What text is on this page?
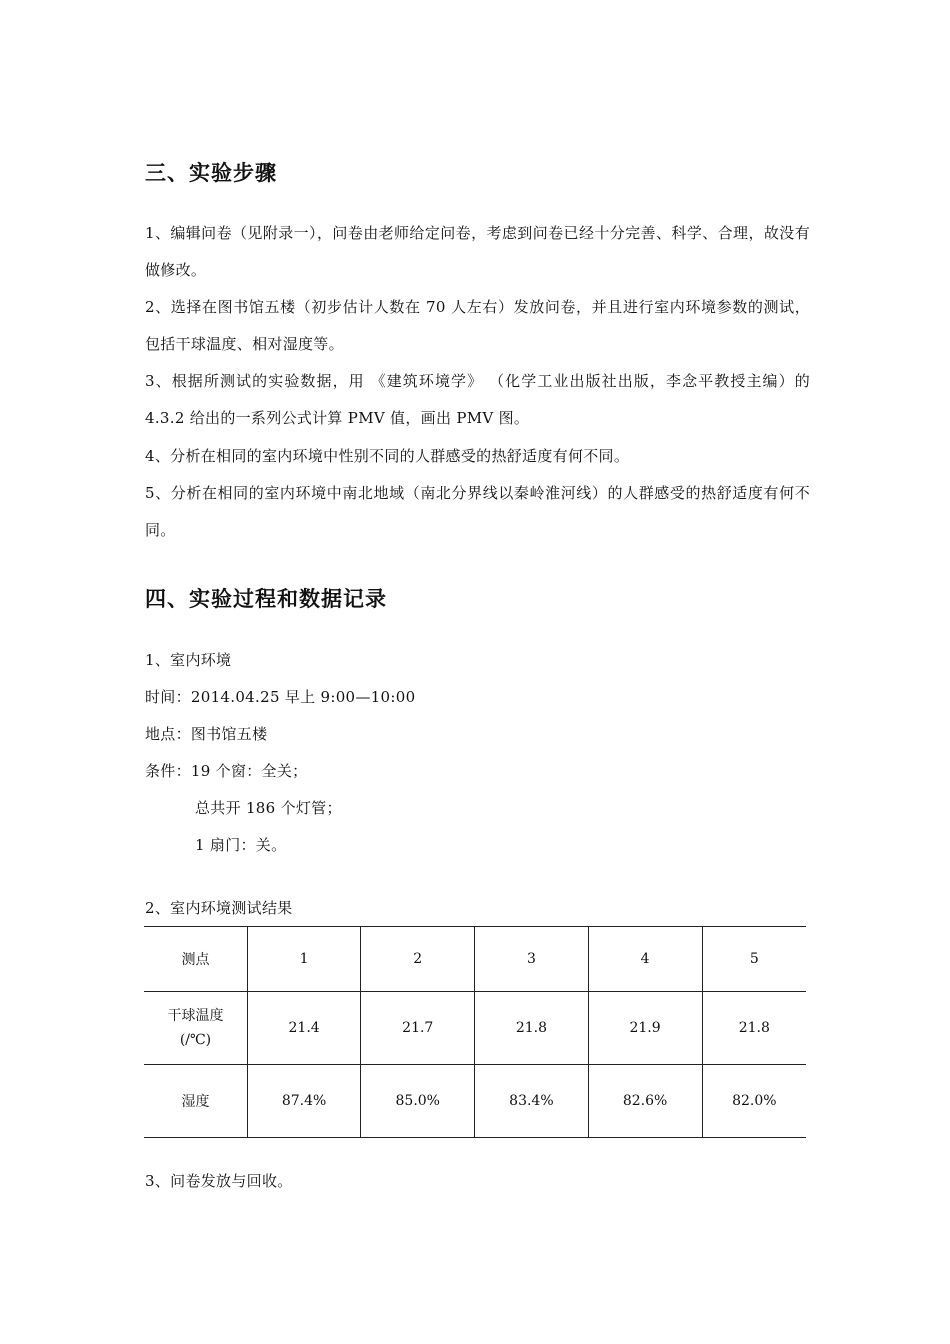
三、实验步骤
1、编辑问卷（见附录一），问卷由老师给定问卷，考虑到问卷已经十分完善、科学、合理，故没有做修改。
2、选择在图书馆五楼（初步估计人数在 70 人左右）发放问卷，并且进行室内环境参数的测试，包括干球温度、相对湿度等。
3、根据所测试的实验数据，用 《建筑环境学》 （化学工业出版社出版，李念平教授主编）的 4.3.2 给出的一系列公式计算 PMV 值，画出 PMV 图。
4、分析在相同的室内环境中性别不同的人群感受的热舒适度有何不同。
5、分析在相同的室内环境中南北地域（南北分界线以秦岭淮河线）的人群感受的热舒适度有何不同。
四、实验过程和数据记录
1、室内环境
时间：2014.04.25 早上 9:00—10:00
地点：图书馆五楼
条件：19 个窗：全关；
总共开 186 个灯管；
1 扇门：关。
2、室内环境测试结果
测点	1	2	3	4	5

干球温度
(/℃)	21.4	21.7	21.8	21.9	21.8
湿度	87.4%	85.0%	83.4%	82.6%	82.0%
3、问卷发放与回收。
